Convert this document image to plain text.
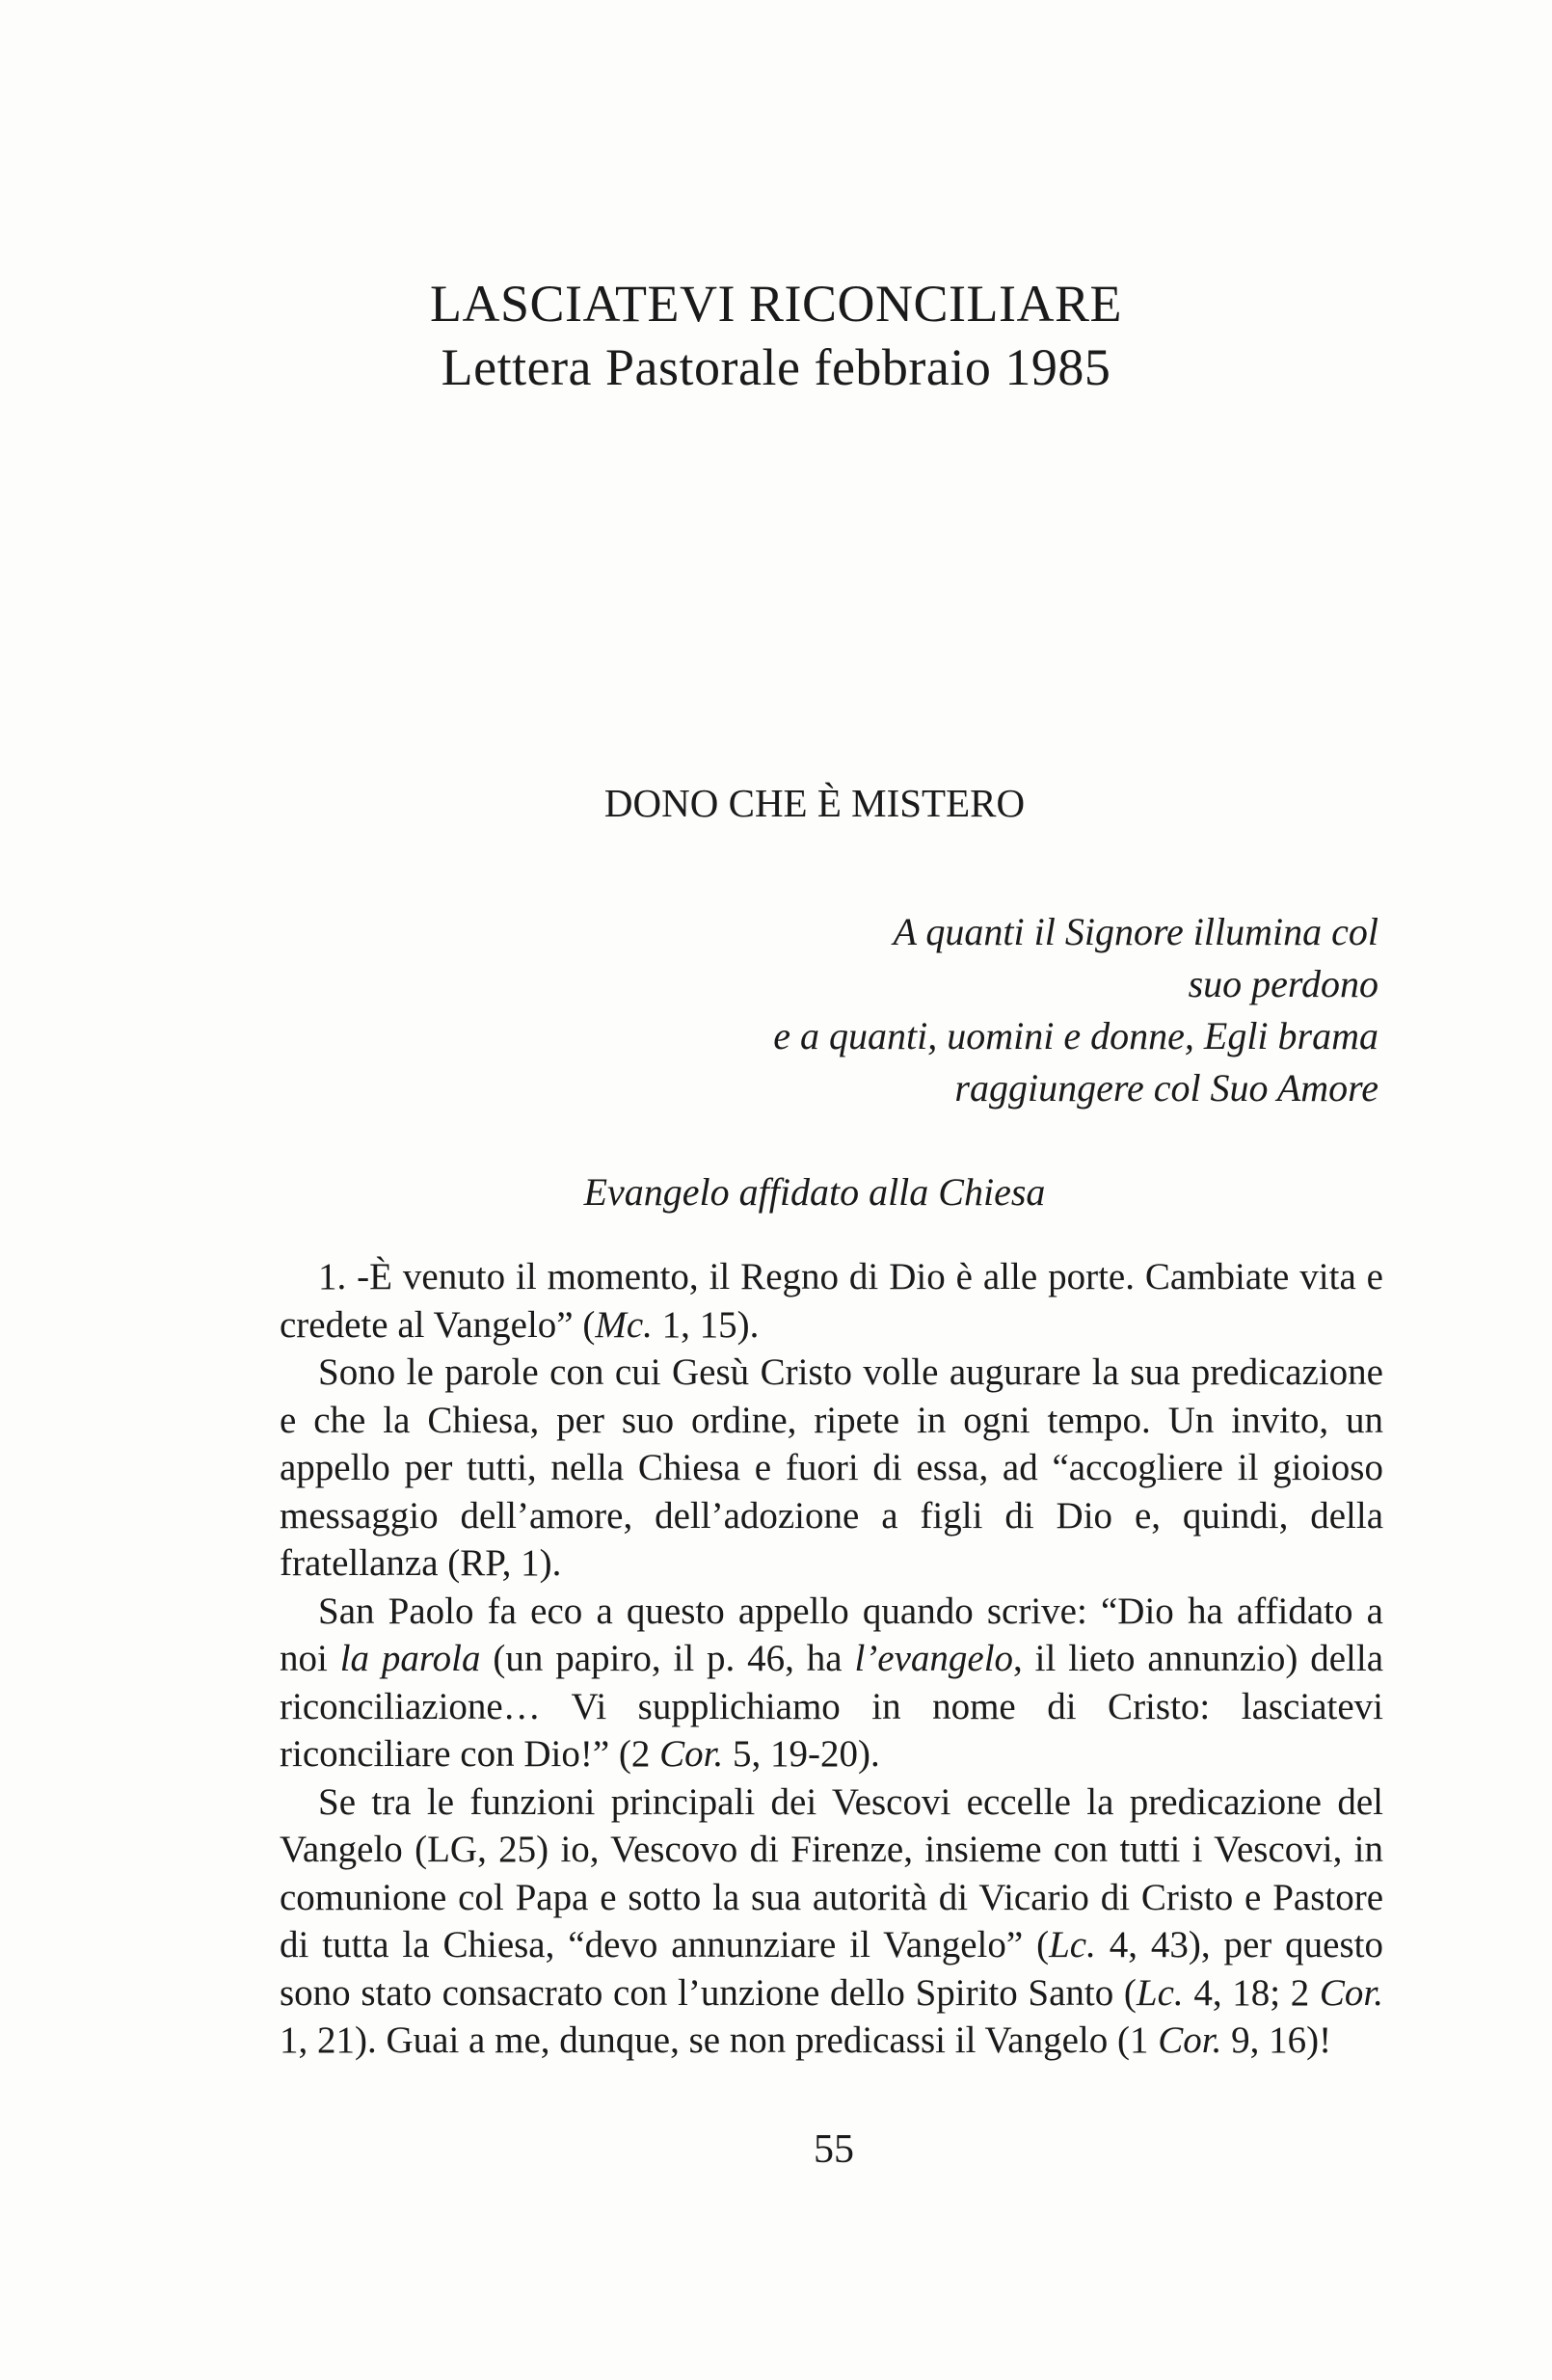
LASCIATEVI RICONCILIARE
Lettera Pastorale febbraio 1985
DONO CHE È MISTERO
A quanti il Signore illumina col
suo perdono
e a quanti, uomini e donne, Egli brama
raggiungere col Suo Amore
Evangelo affidato alla Chiesa

1. -È venuto il momento, il Regno di Dio è alle porte. Cambiate vita e credete al Vangelo” (Mc. 1, 15).

Sono le parole con cui Gesù Cristo volle augurare la sua predicazione e che la Chiesa, per suo ordine, ripete in ogni tempo. Un invito, un appello per tutti, nella Chiesa e fuori di essa, ad “accogliere il gioioso messaggio dell’amore, dell’adozione a figli di Dio e, quindi, della fratellanza (RP, 1).

San Paolo fa eco a questo appello quando scrive: “Dio ha affidato a noi la parola (un papiro, il p. 46, ha l’evangelo, il lieto annunzio) della riconciliazione… Vi supplichiamo in nome di Cristo: lasciatevi riconciliare con Dio!” (2 Cor. 5, 19-20).

Se tra le funzioni principali dei Vescovi eccelle la predicazione del Vangelo (LG, 25) io, Vescovo di Firenze, insieme con tutti i Vescovi, in comunione col Papa e sotto la sua autorità di Vicario di Cristo e Pastore di tutta la Chiesa, “devo annunziare il Vangelo” (Lc. 4, 43), per questo sono stato consacrato con l’unzione dello Spirito Santo (Lc. 4, 18; 2 Cor. 1, 21). Guai a me, dunque, se non predicassi il Vangelo (1 Cor. 9, 16)!

55
